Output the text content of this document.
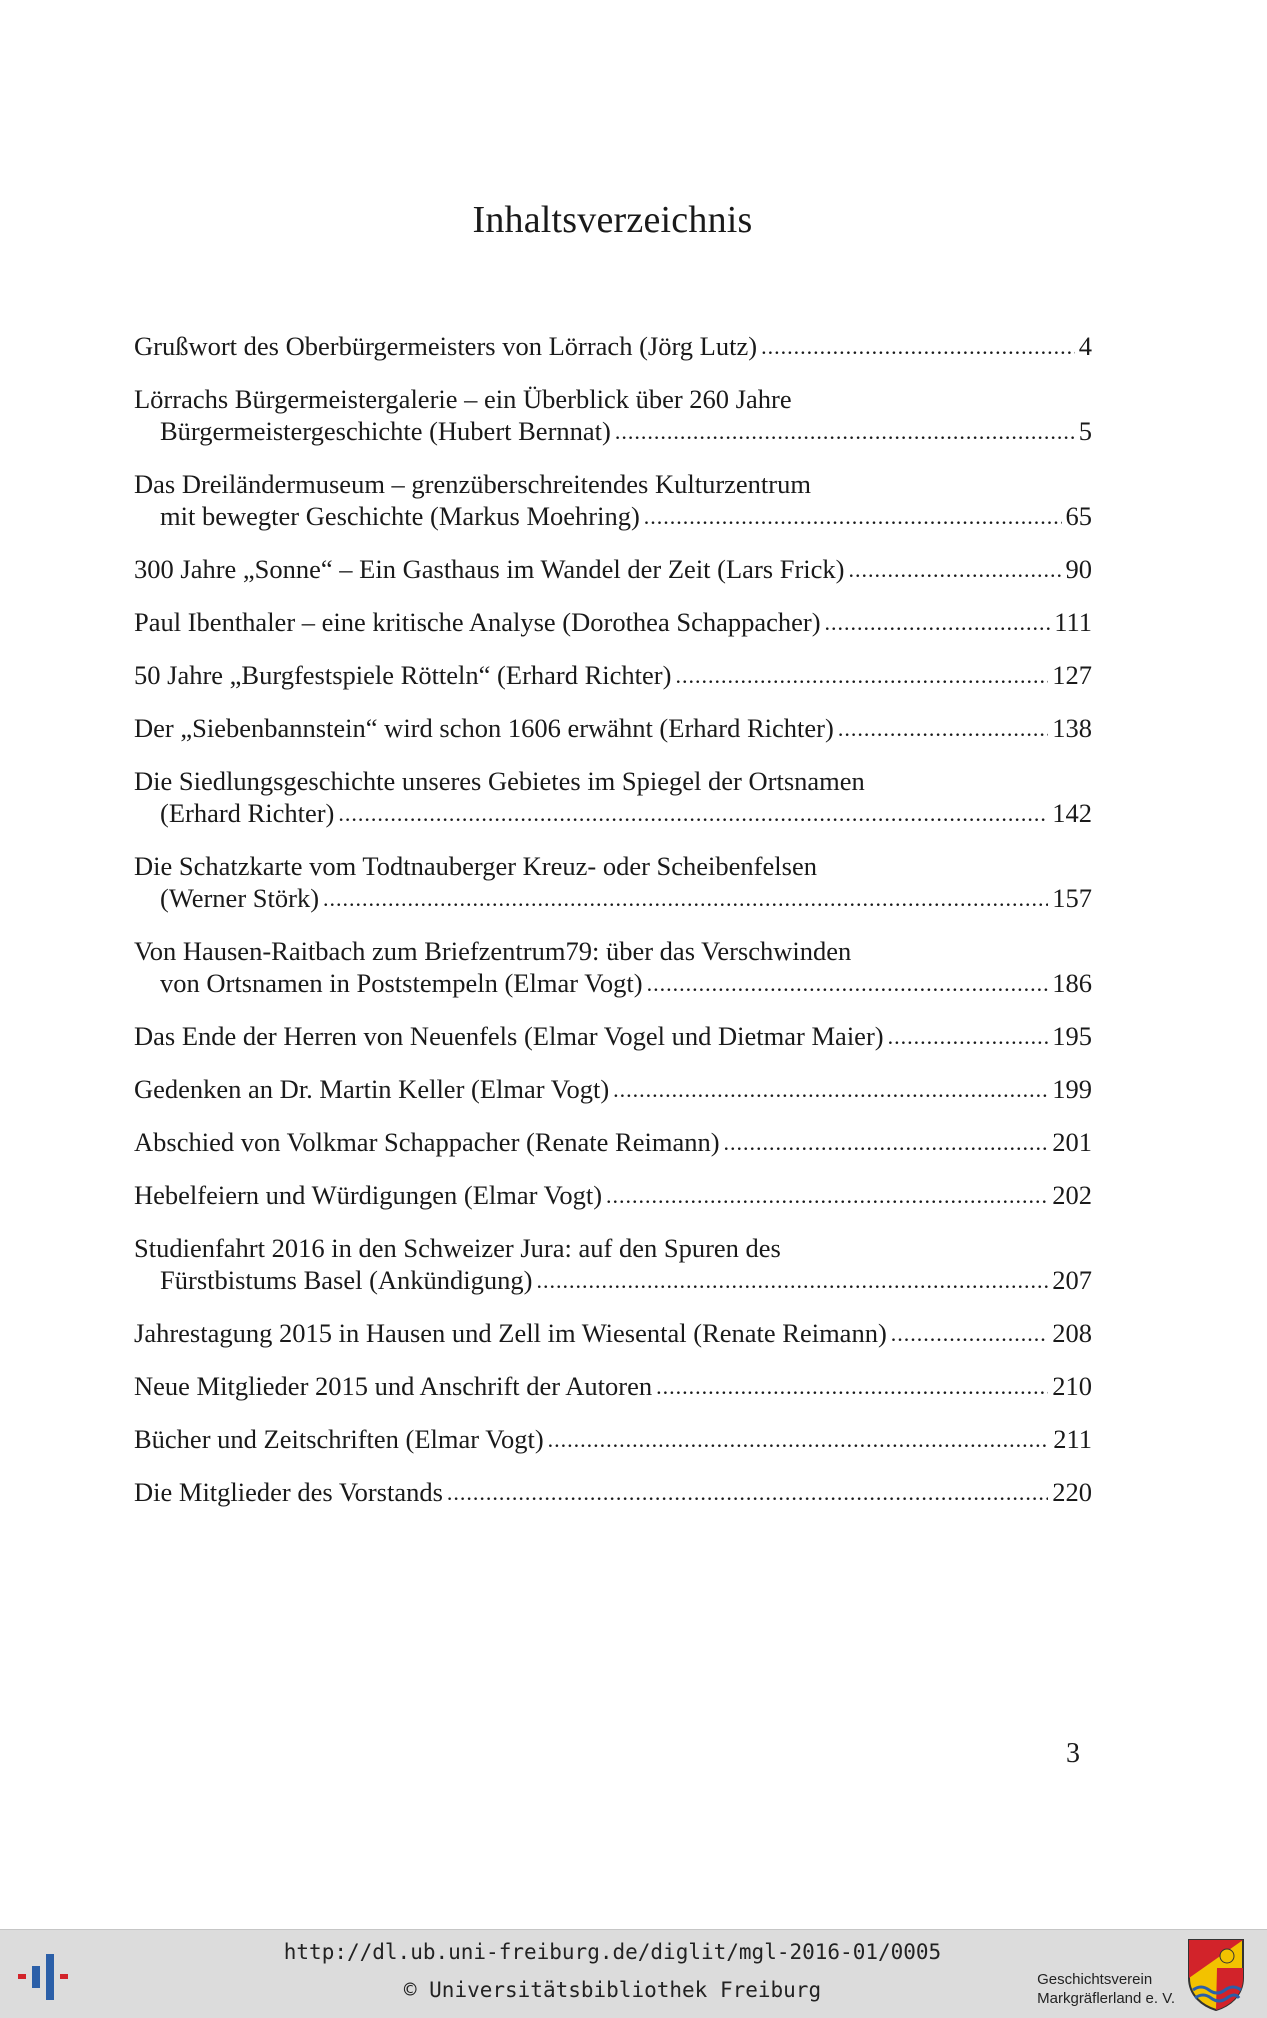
Inhaltsverzeichnis
Grußwort des Oberbürgermeisters von Lörrach (Jörg Lutz) .....	4
Lörrachs Bürgermeistergalerie – ein Überblick über 260 Jahre
Bürgermeistergeschichte (Hubert Bernnat) .....	5
Das Dreiländermuseum – grenzüberschreitendes Kulturzentrum
mit bewegter Geschichte (Markus Moehring) .....	65
300 Jahre „Sonne“ – Ein Gasthaus im Wandel der Zeit (Lars Frick) .....	90
Paul Ibenthaler – eine kritische Analyse (Dorothea Schappacher) .....	111
50 Jahre „Burgfestspiele Rötteln“ (Erhard Richter) .....	127
Der „Siebenbannstein“ wird schon 1606 erwähnt (Erhard Richter) .....	138
Die Siedlungsgeschichte unseres Gebietes im Spiegel der Ortsnamen
(Erhard Richter) .....	142
Die Schatzkarte vom Todtnauberger Kreuz- oder Scheibenfelsen
(Werner Störk) .....	157
Von Hausen-Raitbach zum Briefzentrum79: über das Verschwinden
von Ortsnamen in Poststempeln (Elmar Vogt) .....	186
Das Ende der Herren von Neuenfels (Elmar Vogel und Dietmar Maier) .....	195
Gedenken an Dr. Martin Keller (Elmar Vogt) .....	199
Abschied von Volkmar Schappacher (Renate Reimann) .....	201
Hebelfeiern und Würdigungen (Elmar Vogt) .....	202
Studienfahrt 2016 in den Schweizer Jura: auf den Spuren des
Fürstbistums Basel (Ankündigung) .....	207
Jahrestagung 2015 in Hausen und Zell im Wiesental (Renate Reimann) .....	208
Neue Mitglieder 2015 und Anschrift der Autoren .....	210
Bücher und Zeitschriften (Elmar Vogt) .....	211
Die Mitglieder des Vorstands .....	220
3
http://dl.ub.uni-freiburg.de/diglit/mgl-2016-01/0005
© Universitätsbibliothek Freiburg	Geschichtsverein
Markgräflerland e. V.
